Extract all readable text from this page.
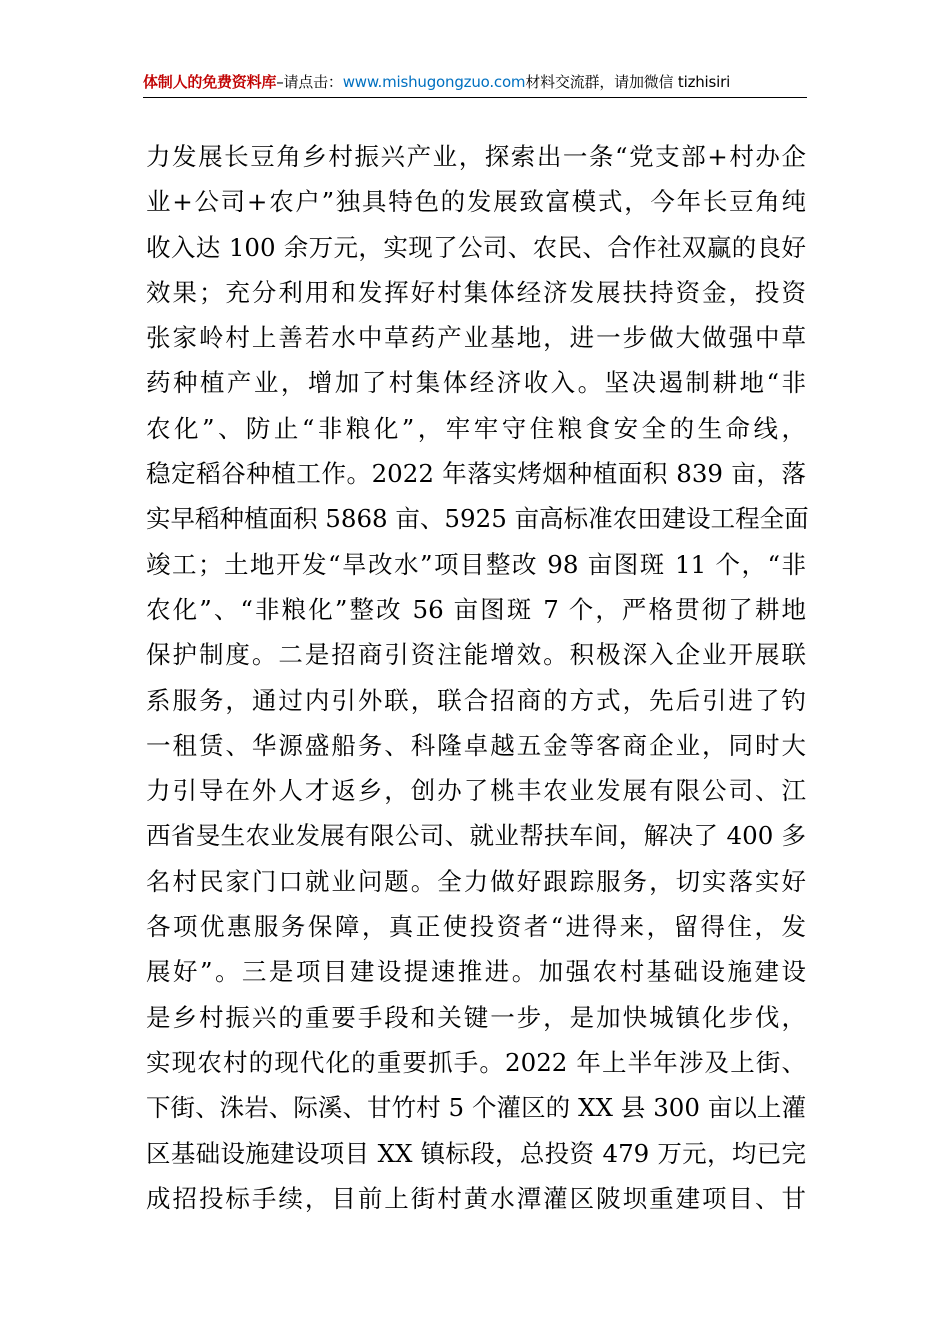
体制人的免费资料库–请点击：www.mishugongzuo.com材料交流群，请加微信 tizhisiri
力发展长豆角乡村振兴产业，探索出一条“党支部+村办企
业+公司+农户”独具特色的发展致富模式，今年长豆角纯
收入达 100 余万元，实现了公司、农民、合作社双赢的良好
效果；充分利用和发挥好村集体经济发展扶持资金，投资
张家岭村上善若水中草药产业基地，进一步做大做强中草
药种植产业，增加了村集体经济收入。坚决遏制耕地“非
农化”、防止“非粮化”，牢牢守住粮食安全的生命线，
稳定稻谷种植工作。2022 年落实烤烟种植面积 839 亩，落
实早稻种植面积 5868 亩、5925 亩高标准农田建设工程全面
竣工；土地开发“旱改水”项目整改 98 亩图斑 11 个，“非
农化”、“非粮化”整改 56 亩图斑 7 个，严格贯彻了耕地
保护制度。二是招商引资注能增效。积极深入企业开展联
系服务，通过内引外联，联合招商的方式，先后引进了钓
一租赁、华源盛船务、科隆卓越五金等客商企业，同时大
力引导在外人才返乡，创办了桃丰农业发展有限公司、江
西省旻生农业发展有限公司、就业帮扶车间，解决了 400 多
名村民家门口就业问题。全力做好跟踪服务，切实落实好
各项优惠服务保障，真正使投资者“进得来，留得住，发
展好”。三是项目建设提速推进。加强农村基础设施建设
是乡村振兴的重要手段和关键一步，是加快城镇化步伐，
实现农村的现代化的重要抓手。2022 年上半年涉及上街、
下街、洙岩、际溪、甘竹村 5 个灌区的 XX 县 300 亩以上灌
区基础设施建设项目 XX 镇标段，总投资 479 万元，均已完
成招投标手续，目前上街村黄水潭灌区陂坝重建项目、甘
